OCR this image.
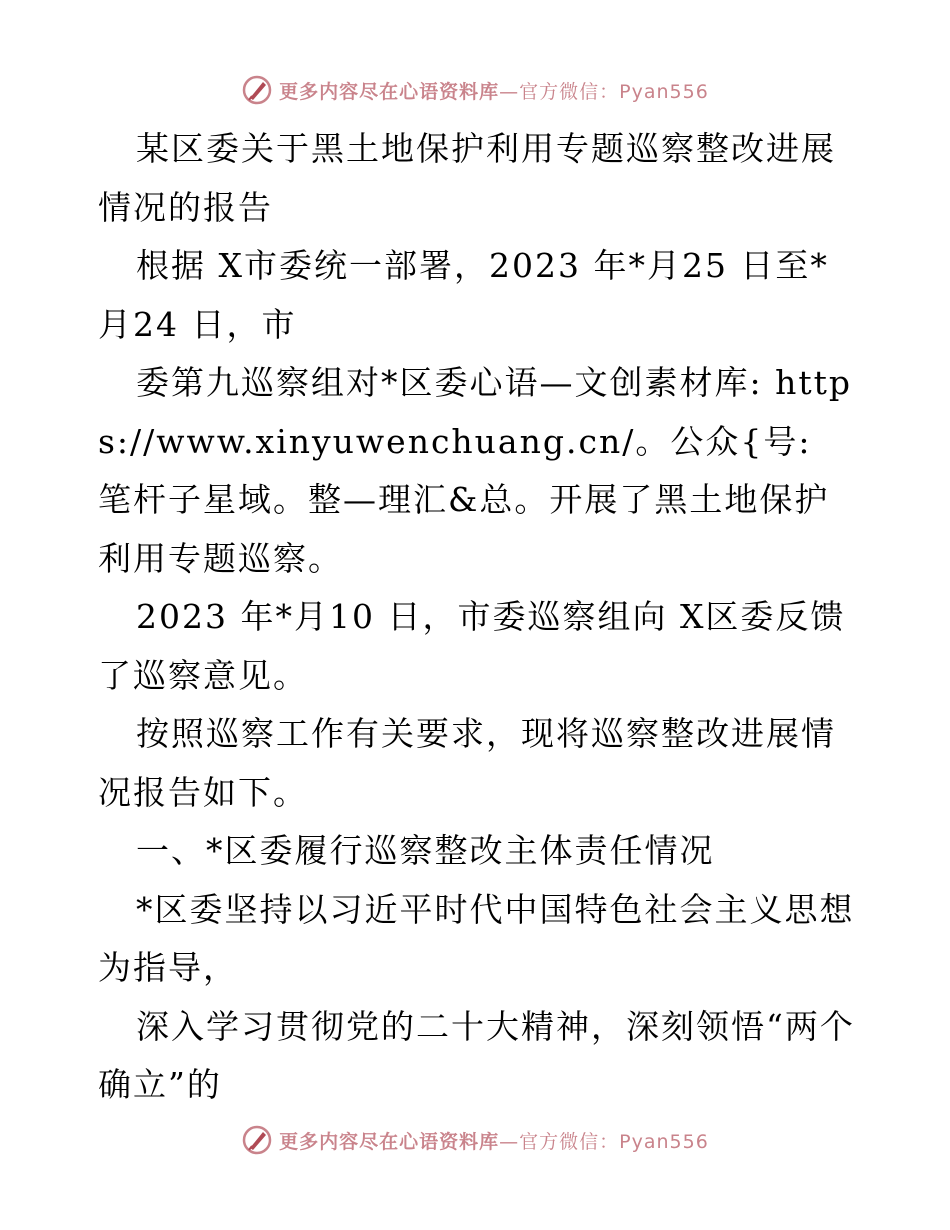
更多内容尽在心语资料库—官方微信：Pyan556

某区委关于黑土地保护利用专题巡察整改进展情况的报告

根据 X市委统一部署，2023 年*月25 日至*月24 日，市

委第九巡察组对*区委心语—文创素材库: https://www.xinyuwenchuang.cn/。公众{号: 笔杆子星域。整—理汇&总。开展了黑土地保护利用专题巡察。

2023 年*月10 日，市委巡察组向 X区委反馈了巡察意见。

按照巡察工作有关要求，现将巡察整改进展情况报告如下。

一、*区委履行巡察整改主体责任情况

*区委坚持以习近平时代中国特色社会主义思想为指导，

深入学习贯彻党的二十大精神，深刻领悟“两个确立”的

更多内容尽在心语资料库—官方微信：Pyan556
